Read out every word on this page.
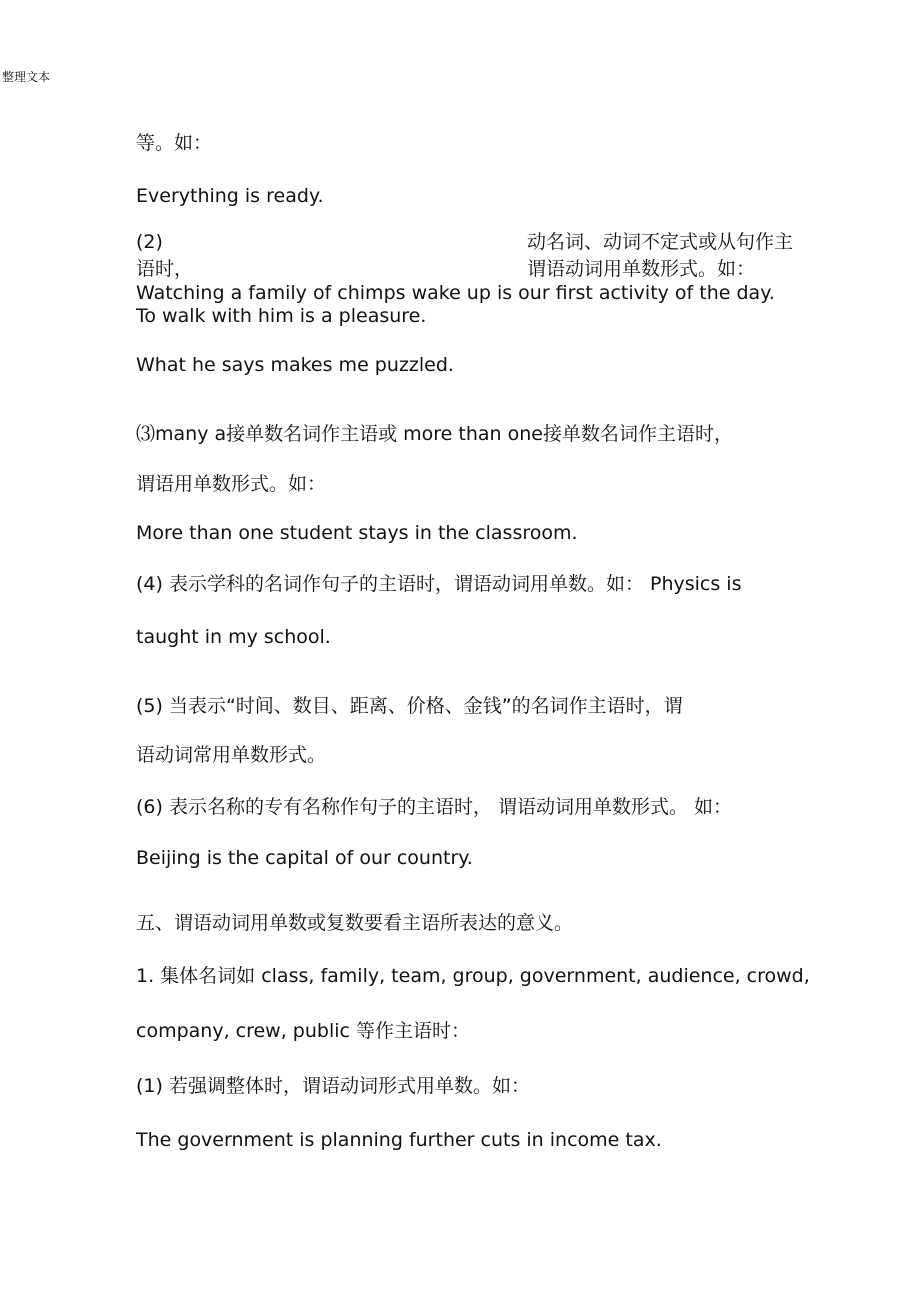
整理文本
等。如：
Everything is ready.
(2)	动名词、动词不定式或从句作主
语时，	谓语动词用单数形式。如：
Watching a family of chimps wake up is our first activity of the day.
To walk with him is a pleasure.
What he says makes me puzzled.
⑶many a接单数名词作主语或 more than one接单数名词作主语时，
谓语用单数形式。如：
More than one student stays in the classroom.
(4) 表示学科的名词作句子的主语时，谓语动词用单数。如： Physics is
taught in my school.
(5) 当表示“时间、数目、距离、价格、金钱”的名词作主语时，谓
语动词常用单数形式。
(6) 表示名称的专有名称作句子的主语时， 谓语动词用单数形式。 如：
Beijing is the capital of our country.
五、谓语动词用单数或复数要看主语所表达的意义。
1. 集体名词如 class, family, team, group, government, audience, crowd,
company, crew, public 等作主语时：
(1) 若强调整体时，谓语动词形式用单数。如：
The government is planning further cuts in income tax.
